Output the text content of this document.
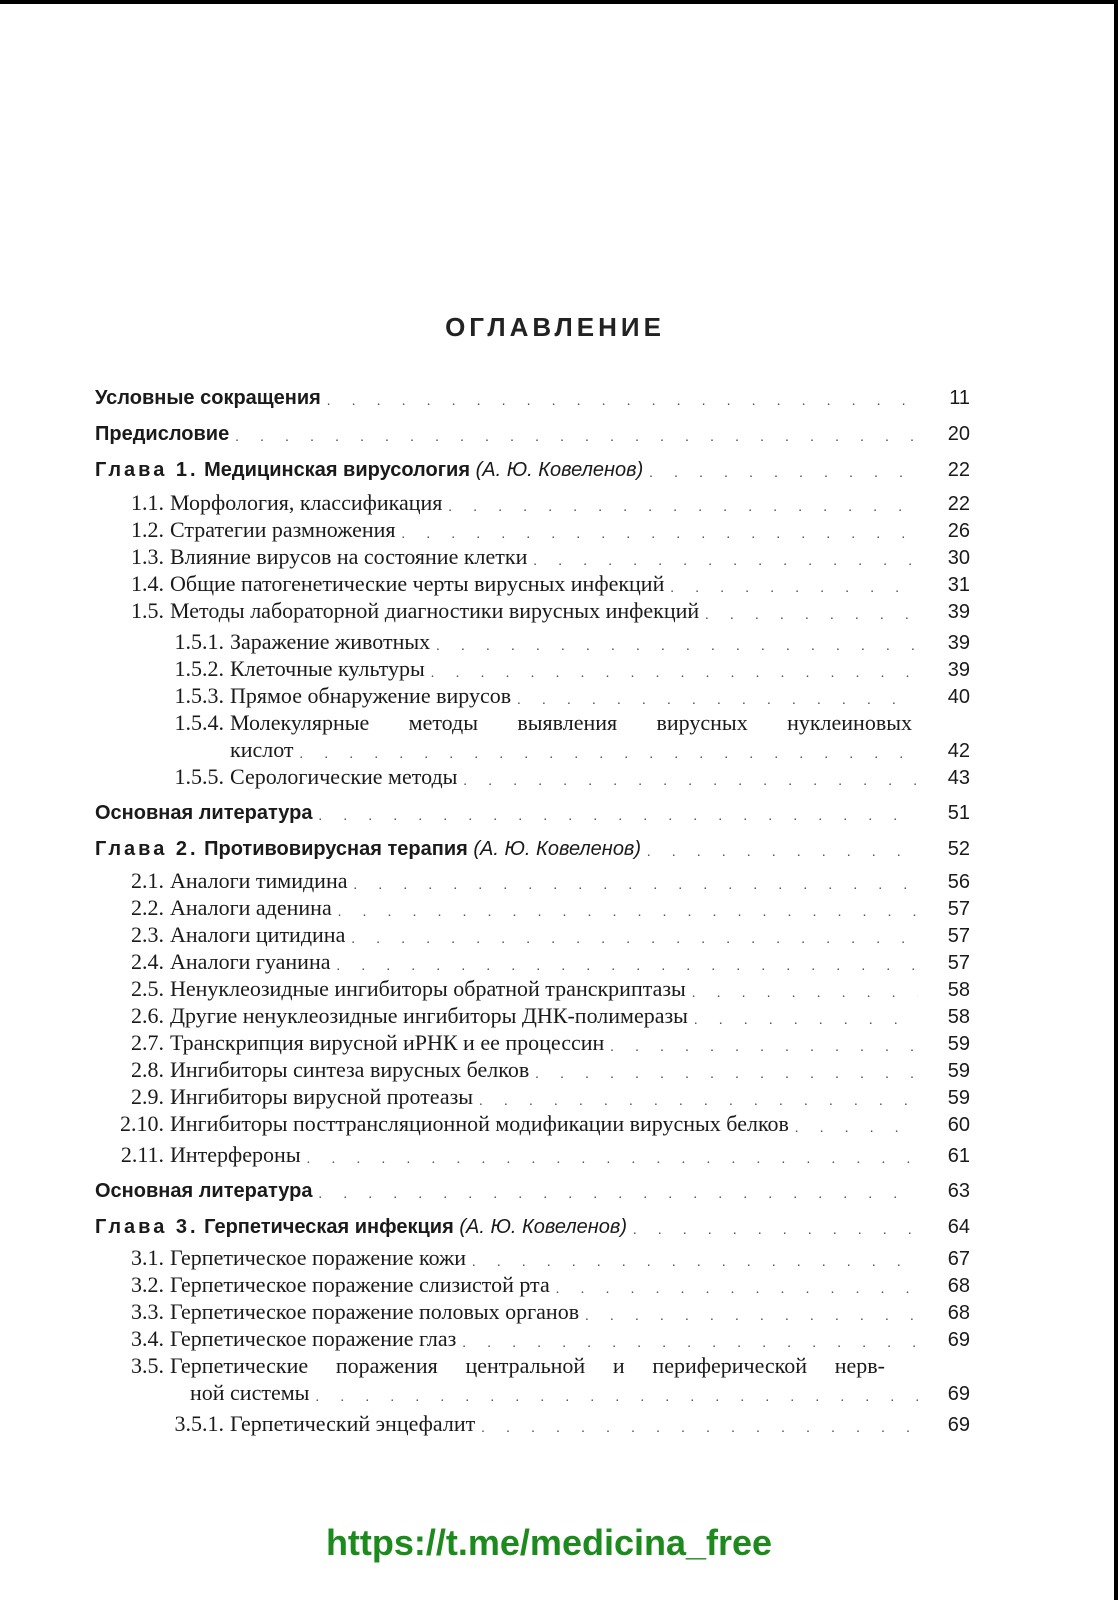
ОГЛАВЛЕНИЕ
Условные сокращения . . .	11
Предисловие . . .	20
Глава 1. Медицинская вирусология (А. Ю. Ковеленов) . . .	22
1.1. Морфология, классификация . . .	22
1.2. Стратегии размножения . . .	26
1.3. Влияние вирусов на состояние клетки . . .	30
1.4. Общие патогенетические черты вирусных инфекций . . .	31
1.5. Методы лабораторной диагностики вирусных инфекций . . .	39
1.5.1. Заражение животных . . .	39
1.5.2. Клеточные культуры . . .	39
1.5.3. Прямое обнаружение вирусов . . .	40
1.5.4. Молекулярные методы выявления вирусных нуклеиновых
кислот . . .	42
1.5.5. Серологические методы . . .	43
Основная литература . . .	51
Глава 2. Противовирусная терапия (А. Ю. Ковеленов) . . .	52
2.1. Аналоги тимидина . . .	56
2.2. Аналоги аденина . . .	57
2.3. Аналоги цитидина . . .	57
2.4. Аналоги гуанина . . .	57
2.5. Ненуклеозидные ингибиторы обратной транскриптазы . . .	58
2.6. Другие ненуклеозидные ингибиторы ДНК-полимеразы . . .	58
2.7. Транскрипция вирусной иРНК и ее процессин . . .	59
2.8. Ингибиторы синтеза вирусных белков . . .	59
2.9. Ингибиторы вирусной протеазы . . .	59
2.10. Ингибиторы посттрансляционной модификации вирусных белков . . .	60
2.11. Интерфероны . . .	61
Основная литература . . .	63
Глава 3. Герпетическая инфекция (А. Ю. Ковеленов) . . .	64
3.1. Герпетическое поражение кожи . . .	67
3.2. Герпетическое поражение слизистой рта . . .	68
3.3. Герпетическое поражение половых органов . . .	68
3.4. Герпетическое поражение глаз . . .	69
3.5. Герпетические поражения центральной и периферической нерв-
ной системы . . .	69
3.5.1. Герпетический энцефалит . . .	69
https://t.me/medicina_free
